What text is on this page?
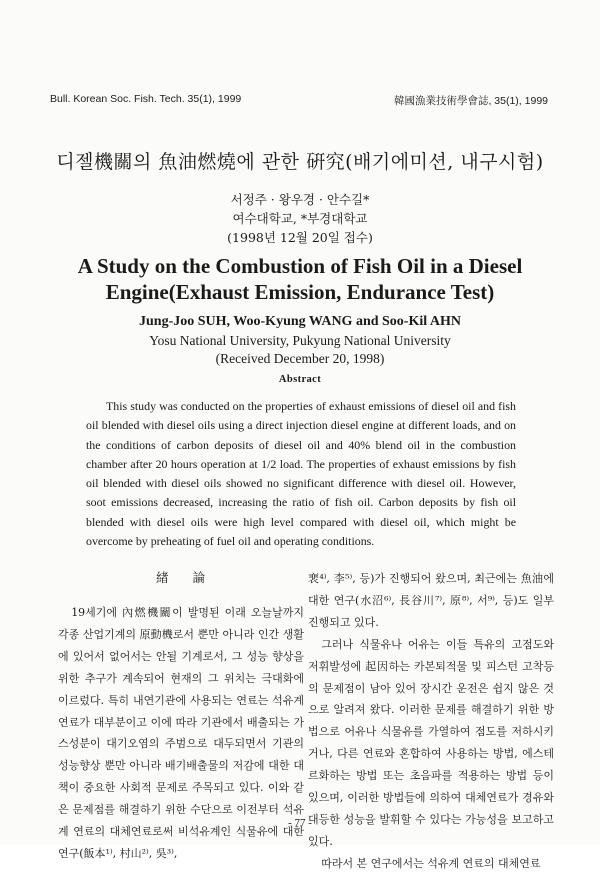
Bull. Korean Soc. Fish. Tech. 35(1), 1999	韓國漁業技術學會誌, 35(1), 1999
디젤機關의 魚油燃燒에 관한 硏究(배기에미션, 내구시험)
서정주 · 왕우경 · 안수길*
여수대학교, *부경대학교
(1998년 12월 20일 접수)
A Study on the Combustion of Fish Oil in a Diesel
Engine(Exhaust Emission, Endurance Test)
Jung-Joo SUH, Woo-Kyung WANG and Soo-Kil AHN
Yosu National University, Pukyung National University
(Received December 20, 1998)
Abstract

This study was conducted on the properties of exhaust emissions of diesel oil and fish oil blended with diesel oils using a direct injection diesel engine at different loads, and on the conditions of carbon deposits of diesel oil and 40% blend oil in the combustion chamber after 20 hours operation at 1/2 load. The properties of exhaust emissions by fish oil blended with diesel oils showed no significant difference with diesel oil. However, soot emissions decreased, increasing the ratio of fish oil. Carbon deposits by fish oil blended with diesel oils were high level compared with diesel oil, which might be overcome by preheating of fuel oil and operating conditions.

緖 論

19세기에 內燃機關이 발명된 이래 오늘날까지 각종 산업기계의 原動機로서 뿐만 아니라 인간 생활에 있어서 없어서는 안될 기계로서, 그 성능 향상을 위한 추구가 계속되어 현재의 그 위치는 극대화에 이르렀다. 특히 내연기관에 사용되는 연료는 석유계 연료가 대부분이고 이에 따라 기관에서 배출되는 가스성분이 대기오염의 주범으로 대두되면서 기관의 성능향상 뿐만 아니라 배기배출물의 저감에 대한 대책이 중요한 사회적 문제로 주목되고 있다. 이와 같은 문제점를 해결하기 위한 수단으로 이전부터 석유계 연료의 대체연료로써 비석유계인 식물유에 대한 연구(飯本¹⁾, 村山²⁾, 吳³⁾,

裵⁴⁾, 李⁵⁾, 등)가 진행되어 왔으며, 최근에는 魚油에 대한 연구(水沼⁶⁾, 長谷川⁷⁾, 原⁸⁾, 서⁹⁾, 등)도 일부 진행되고 있다.

그러나 식물유나 어유는 이들 특유의 고점도와 저휘발성에 起因하는 카본퇴적물 및 피스턴 고착등의 문제점이 남아 있어 장시간 운전은 쉽지 않은 것으로 알려져 왔다. 이러한 문제를 해결하기 위한 방법으로 어유나 식물유를 가열하여 점도를 저하시키거나, 다른 연료와 혼합하여 사용하는 방법, 에스테르화하는 방법 또는 초음파를 적용하는 방법 등이 있으며, 이러한 방법들에 의하여 대체연료가 경유와 대등한 성능을 발휘할 수 있다는 가능성을 보고하고 있다.

따라서 본 연구에서는 석유계 연료의 대체연료

- 77 -
